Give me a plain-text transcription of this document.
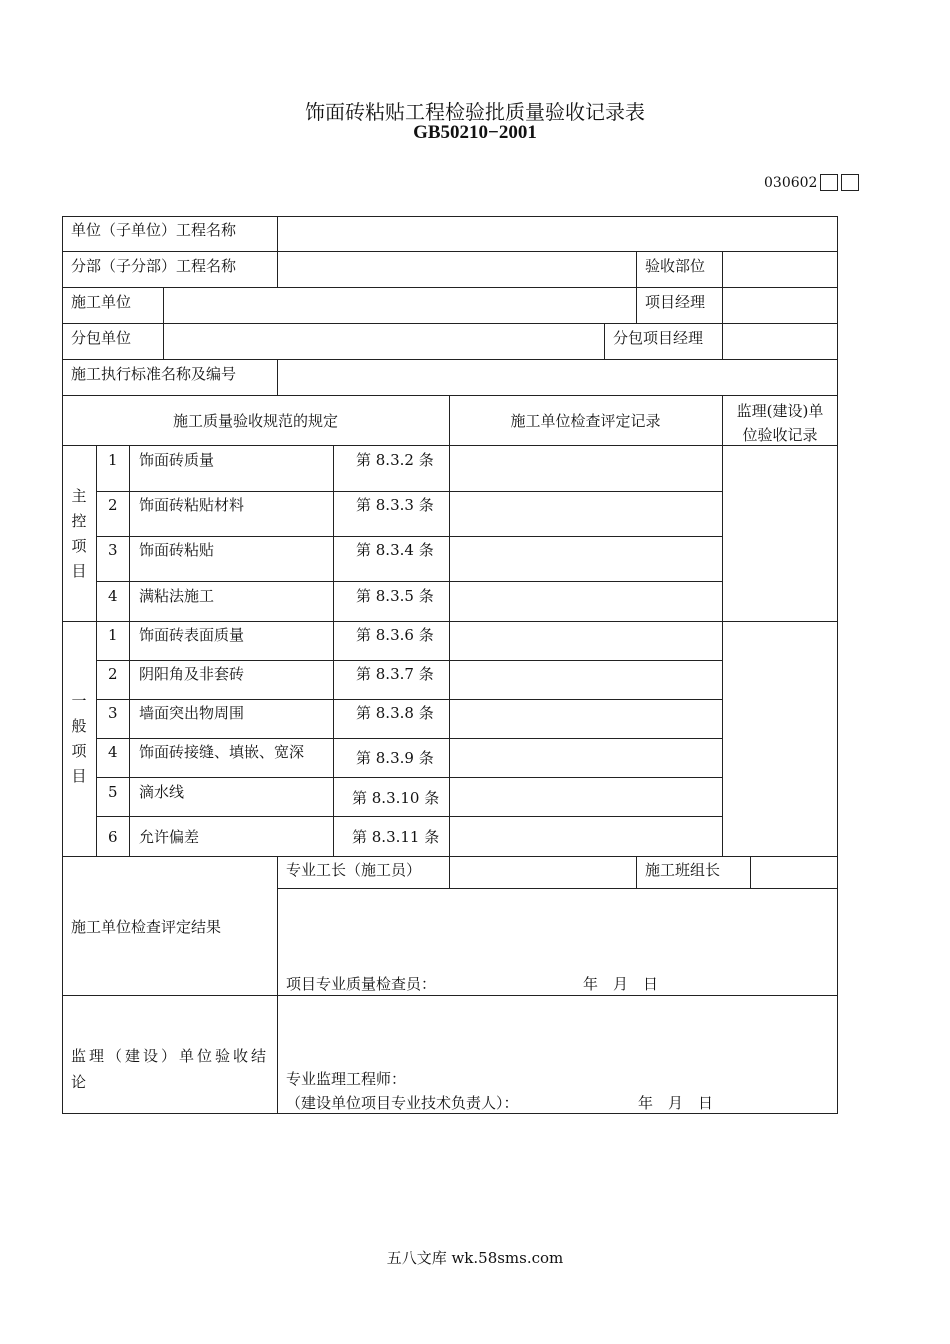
饰面砖粘贴工程检验批质量验收记录表
GB50210−2001
030602
单位（子单位）工程名称
分部（子分部）工程名称	验收部位
施工单位	项目经理
分包单位	分包项目经理
施工执行标准名称及编号
施工质量验收规范的规定	施工单位检查评定记录
监理(建设)单位验收记录
主控项目
1 饰面砖质量	第 8.3.2 条
2 饰面砖粘贴材料	第 8.3.3 条
3 饰面砖粘贴	第 8.3.4 条
4 满粘法施工	第 8.3.5 条
一般项目
1 饰面砖表面质量	第 8.3.6 条
2 阴阳角及非套砖	第 8.3.7 条
3 墙面突出物周围	第 8.3.8 条
4 饰面砖接缝、填嵌、宽深	第 8.3.9 条
5 滴水线	第 8.3.10 条
6 允许偏差	第 8.3.11 条
施工单位检查评定结果
专业工长（施工员）	施工班组长
项目专业质量检查员：	年　月　日
监理（建设）单位验收结论	专业监理工程师：
（建设单位项目专业技术负责人）：	年　月　日
五八文库 wk.58sms.com
